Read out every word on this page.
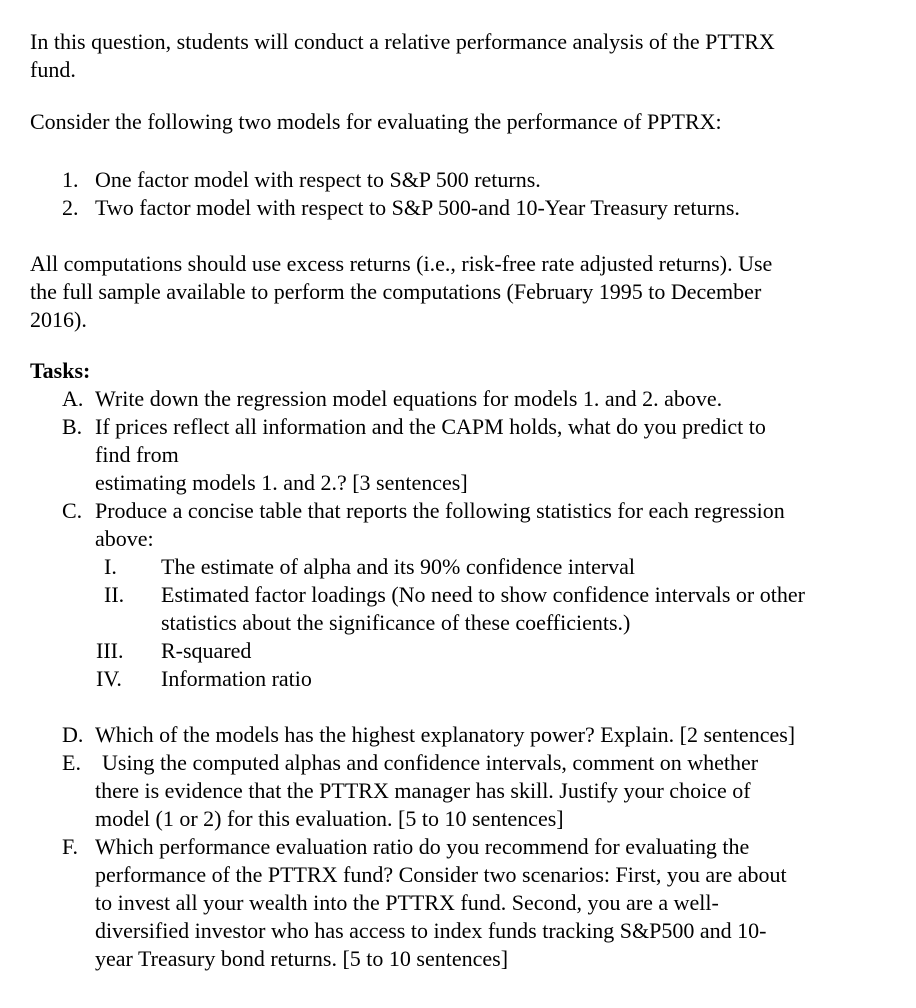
In this question, students will conduct a relative performance analysis of the PTTRX
fund.
Consider the following two models for evaluating the performance of PPTRX:
1. One factor model with respect to S&P 500 returns.
2. Two factor model with respect to S&P 500-and 10-Year Treasury returns.
All computations should use excess returns (i.e., risk-free rate adjusted returns). Use
the full sample available to perform the computations (February 1995 to December
2016).
Tasks:
A. Write down the regression model equations for models 1. and 2. above.
B. If prices reflect all information and the CAPM holds, what do you predict to
find from
estimating models 1. and 2.? [3 sentences]
C. Produce a concise table that reports the following statistics for each regression
above:
I. The estimate of alpha and its 90% confidence interval
II. Estimated factor loadings (No need to show confidence intervals or other
statistics about the significance of these coefficients.)
III. R-squared
IV. Information ratio
D. Which of the models has the highest explanatory power? Explain. [2 sentences]
E. Using the computed alphas and confidence intervals, comment on whether
there is evidence that the PTTRX manager has skill. Justify your choice of
model (1 or 2) for this evaluation. [5 to 10 sentences]
F. Which performance evaluation ratio do you recommend for evaluating the
performance of the PTTRX fund? Consider two scenarios: First, you are about
to invest all your wealth into the PTTRX fund. Second, you are a well-
diversified investor who has access to index funds tracking S&P500 and 10-
year Treasury bond returns. [5 to 10 sentences]
